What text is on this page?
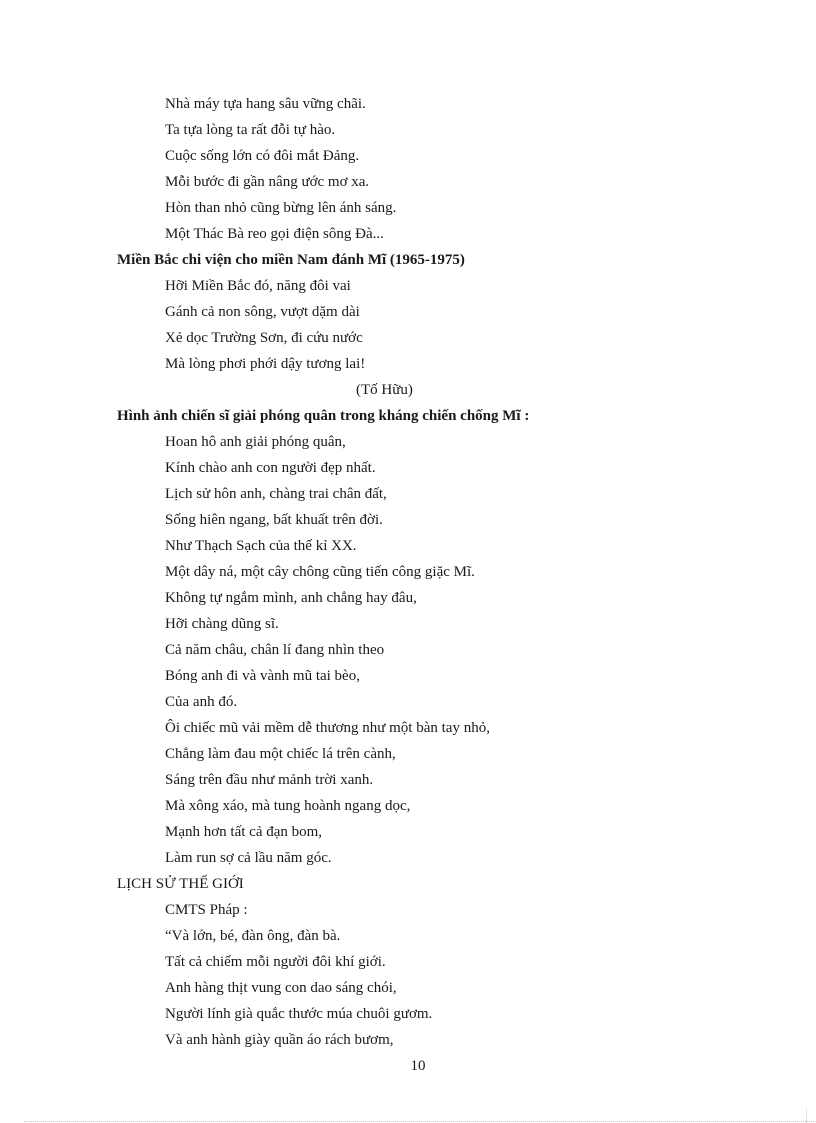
Nhà máy tựa hang sâu vững chãi.
Ta tựa lòng ta rất đỗi tự hào.
Cuộc sống lớn có đôi mắt Đảng.
Mỗi bước đi gần nâng ước mơ xa.
Hòn than nhỏ cũng bừng lên ánh sáng.
Một Thác Bà reo gọi điện sông Đà...
Miền Bắc chi viện cho miền Nam đánh Mĩ (1965-1975)
Hỡi Miền Bắc đó, năng đôi vai
Gánh cả non sông, vượt dặm dài
Xẻ dọc Trường Sơn, đi cứu nước
Mà lòng phơi phới dậy tương lai!
(Tố Hữu)
Hình ảnh chiến sĩ giải phóng quân trong kháng chiến chống Mĩ :
Hoan hô anh giải phóng quân,
Kính chào anh con người đẹp nhất.
Lịch sử hôn anh, chàng trai chân đất,
Sống hiên ngang, bất khuất trên đời.
Như Thạch Sạch của thế kỉ XX.
Một dây ná, một cây chông cũng tiến công giặc Mĩ.
Không tự ngắm mình, anh chẳng hay đâu,
Hỡi chàng dũng sĩ.
Cả năm châu, chân lí đang nhìn theo
Bóng anh đi và vành mũ tai bèo,
Của anh đó.
Ôi chiếc mũ vải mềm dễ thương như một bàn tay nhỏ,
Chẳng làm đau một chiếc lá trên cành,
Sáng trên đầu như mảnh trời xanh.
Mà xông xáo, mà tung hoành ngang dọc,
Mạnh hơn tất cả đạn bom,
Làm run sợ cả lầu năm góc.
LỊCH SỬ THẾ GIỚI
CMTS Pháp :
“Và lớn, bé, đàn ông, đàn bà.
Tất cả chiếm mỗi người đôi khí giới.
Anh hàng thịt vung con dao sáng chói,
Người lính già quắc thước múa chuôi gươm.
Và anh hành giày quần áo rách bươm,
10
